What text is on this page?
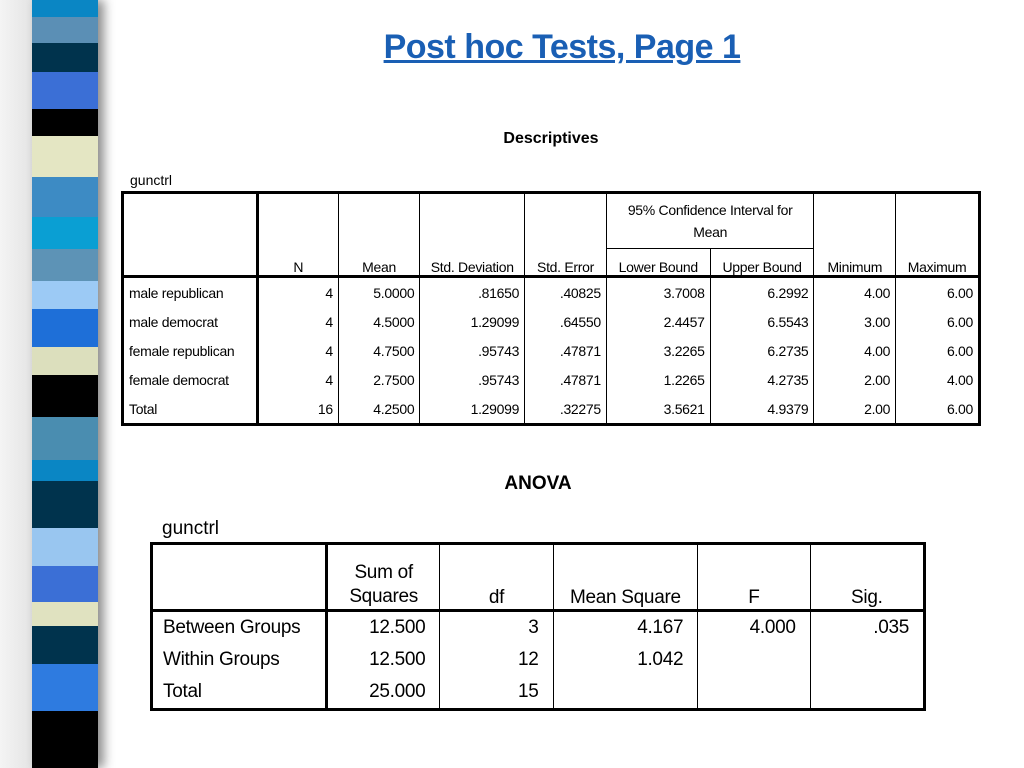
Post hoc Tests, Page 1
Descriptives
gunctrl
	N	Mean	Std. Deviation	Std. Error	95% Confidence Interval for Mean		Minimum	Maximum
					Lower Bound	Upper Bound		
male republican	4	5.0000	.81650	.40825	3.7008	6.2992	4.00	6.00
male democrat	4	4.5000	1.29099	.64550	2.4457	6.5543	3.00	6.00
female republican	4	4.7500	.95743	.47871	3.2265	6.2735	4.00	6.00
female democrat	4	2.7500	.95743	.47871	1.2265	4.2735	2.00	4.00
Total	16	4.2500	1.29099	.32275	3.5621	4.9379	2.00	6.00
ANOVA
gunctrl

	Sum of
Squares	df	Mean Square	F	Sig.
Between Groups	12.500	3	4.167	4.000	.035
Within Groups	12.500	12	1.042		
Total	25.000	15			
